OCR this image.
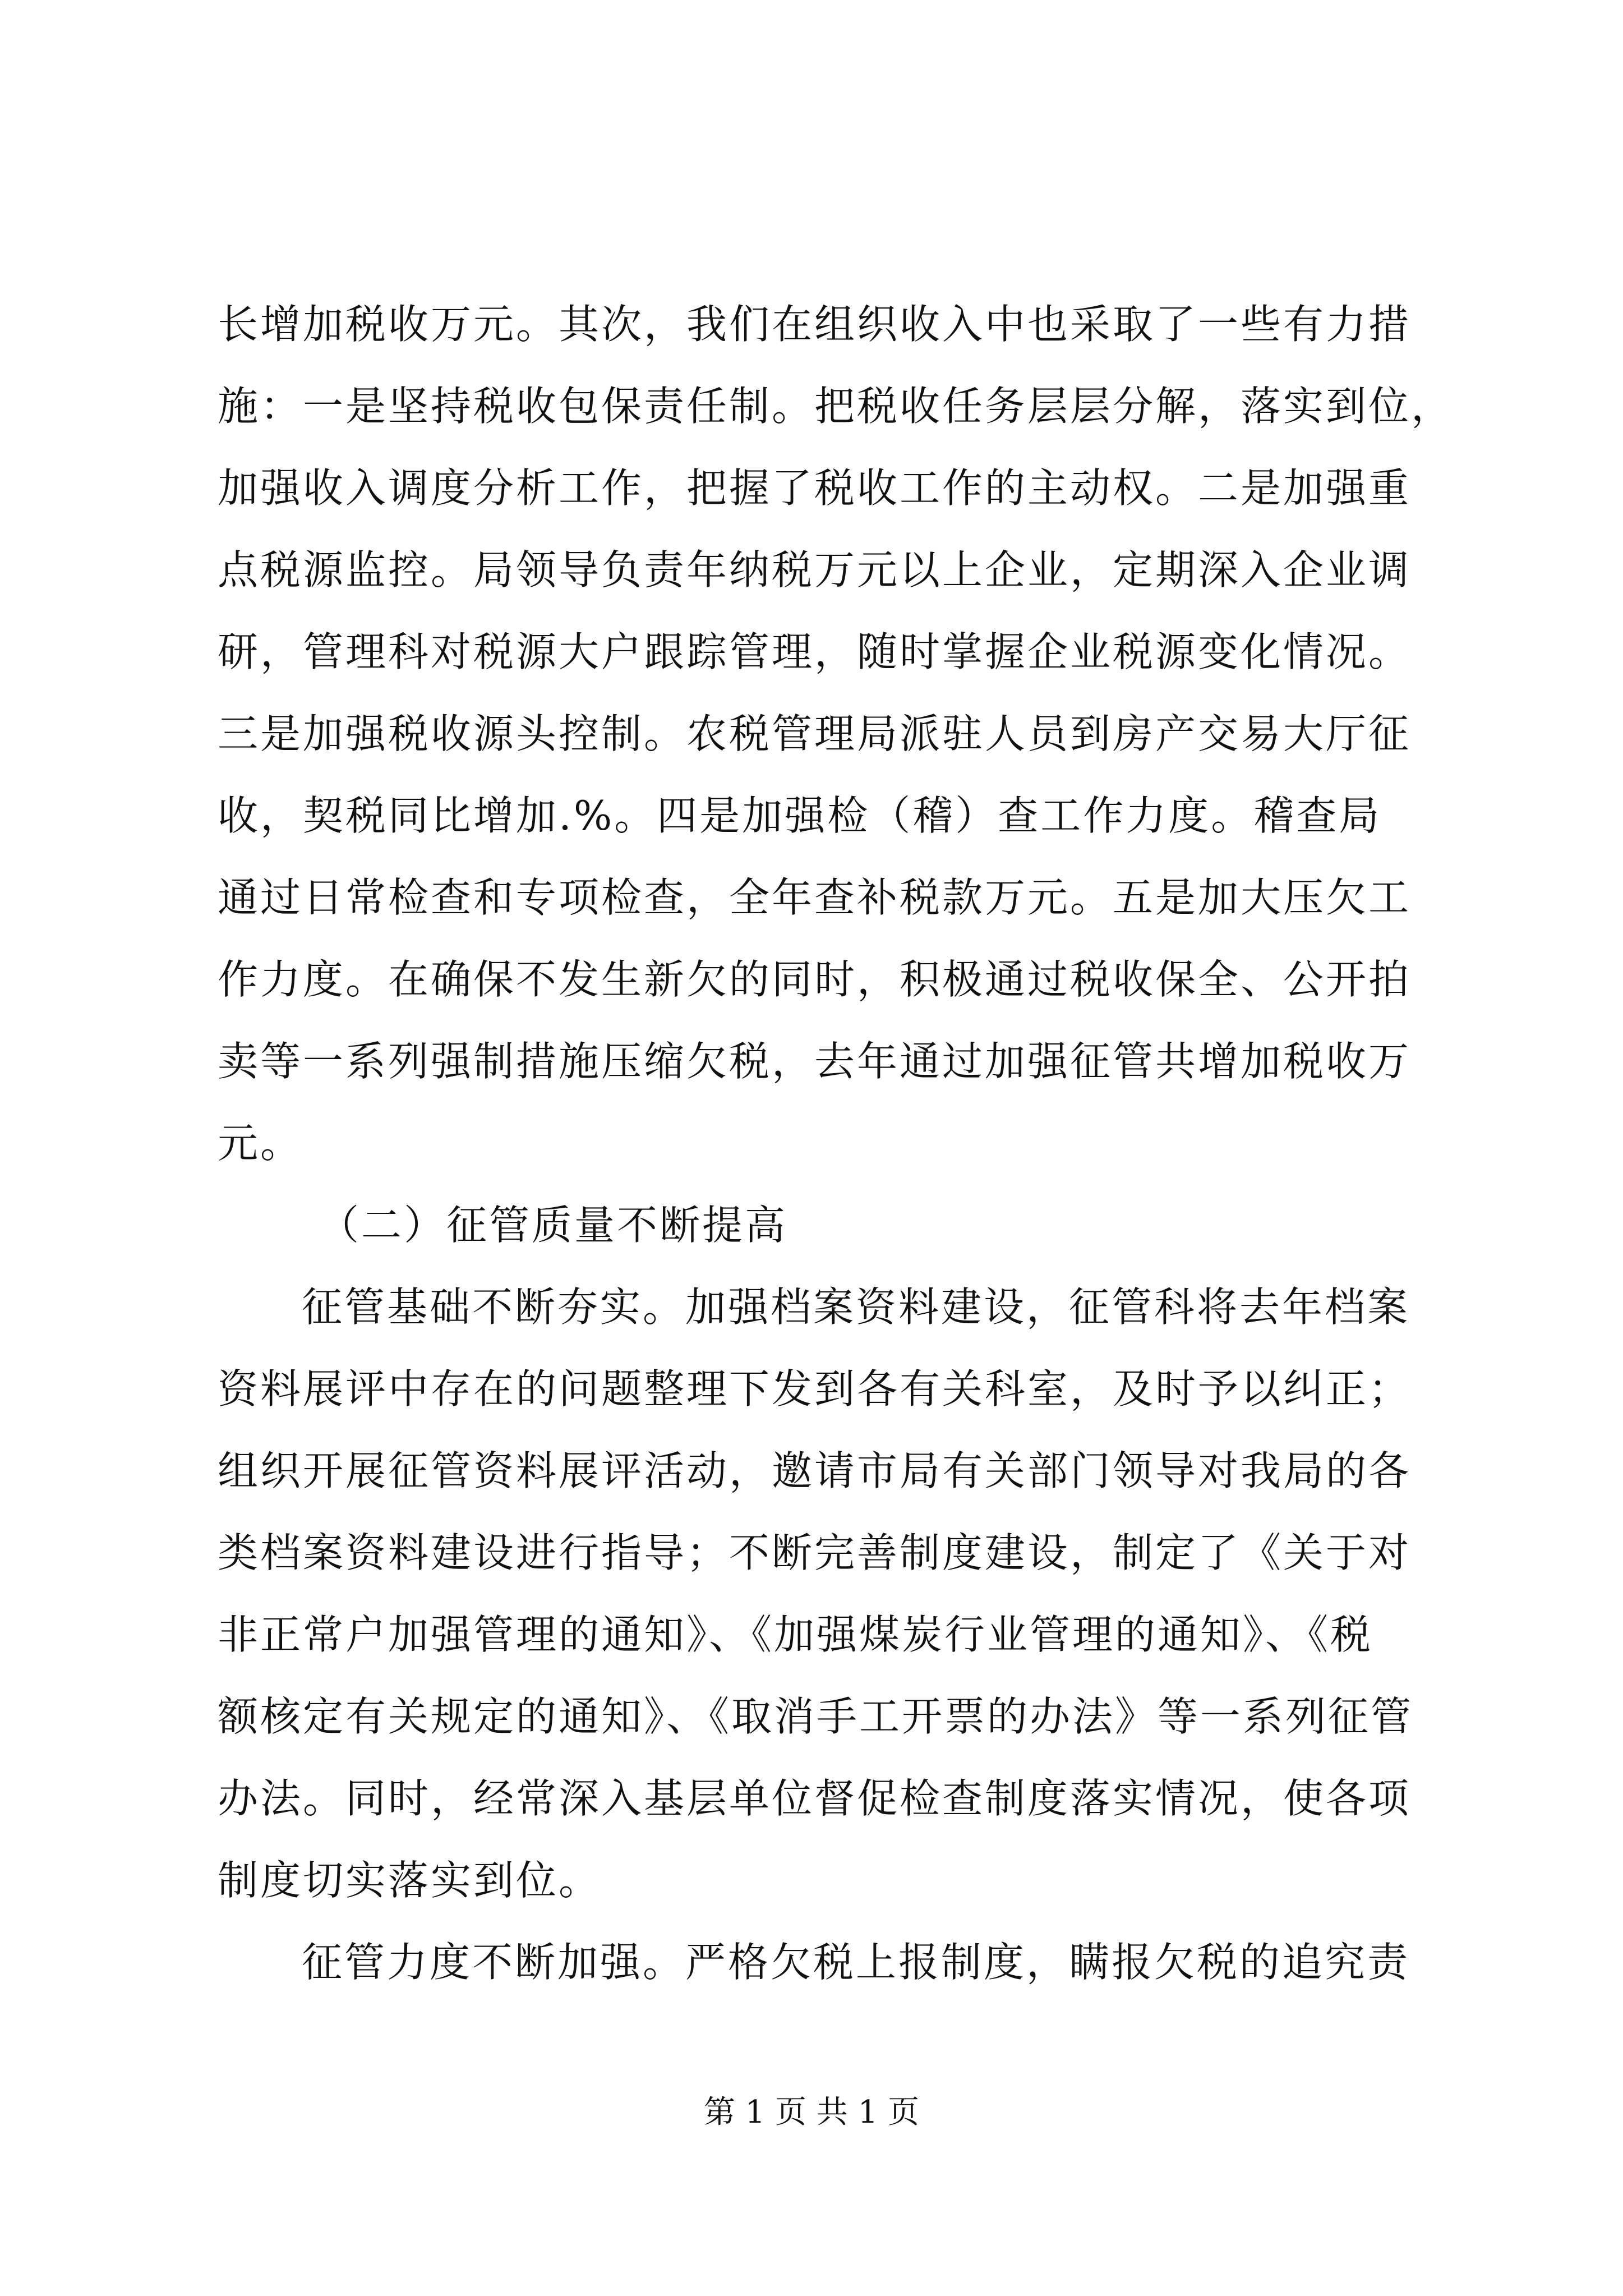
长增加税收万元。其次，我们在组织收入中也采取了一些有力措
施：一是坚持税收包保责任制。把税收任务层层分解，落实到位，
加强收入调度分析工作，把握了税收工作的主动权。二是加强重
点税源监控。局领导负责年纳税万元以上企业，定期深入企业调
研，管理科对税源大户跟踪管理，随时掌握企业税源变化情况。
三是加强税收源头控制。农税管理局派驻人员到房产交易大厅征
收，契税同比增加.%。四是加强检（稽）查工作力度。稽查局
通过日常检查和专项检查，全年查补税款万元。五是加大压欠工
作力度。在确保不发生新欠的同时，积极通过税收保全、公开拍
卖等一系列强制措施压缩欠税，去年通过加强征管共增加税收万
元。
（二）征管质量不断提高
征管基础不断夯实。加强档案资料建设，征管科将去年档案
资料展评中存在的问题整理下发到各有关科室，及时予以纠正；
组织开展征管资料展评活动，邀请市局有关部门领导对我局的各
类档案资料建设进行指导；不断完善制度建设，制定了《关于对
非正常户加强管理的通知》、《加强煤炭行业管理的通知》、《税
额核定有关规定的通知》、《取消手工开票的办法》等一系列征管
办法。同时，经常深入基层单位督促检查制度落实情况，使各项
制度切实落实到位。
征管力度不断加强。严格欠税上报制度，瞒报欠税的追究责
第 1 页 共 1 页
